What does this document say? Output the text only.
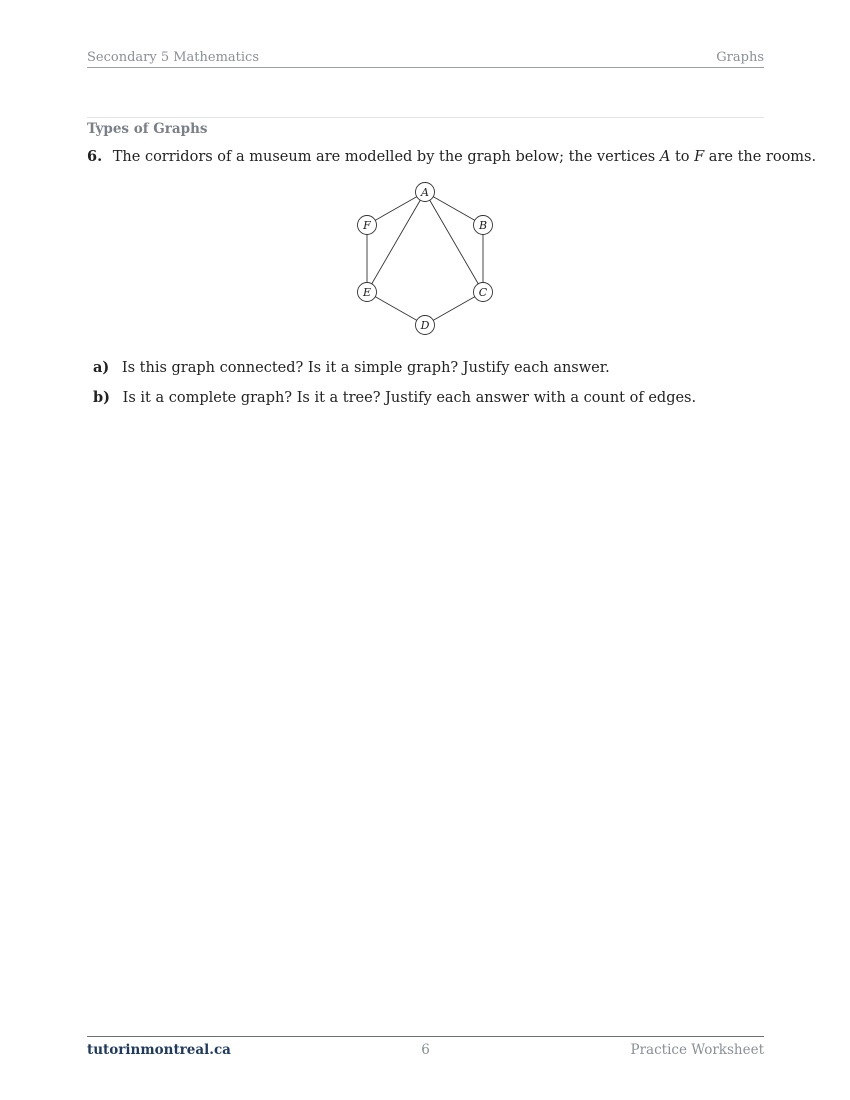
Secondary 5 Mathematics	Graphs
Types of Graphs
6. The corridors of a museum are modelled by the graph below; the vertices A to F are the rooms.
A
B
C
D
E
F
a) Is this graph connected? Is it a simple graph? Justify each answer.
b) Is it a complete graph? Is it a tree? Justify each answer with a count of edges.
tutorinmontreal.ca	6	Practice Worksheet
